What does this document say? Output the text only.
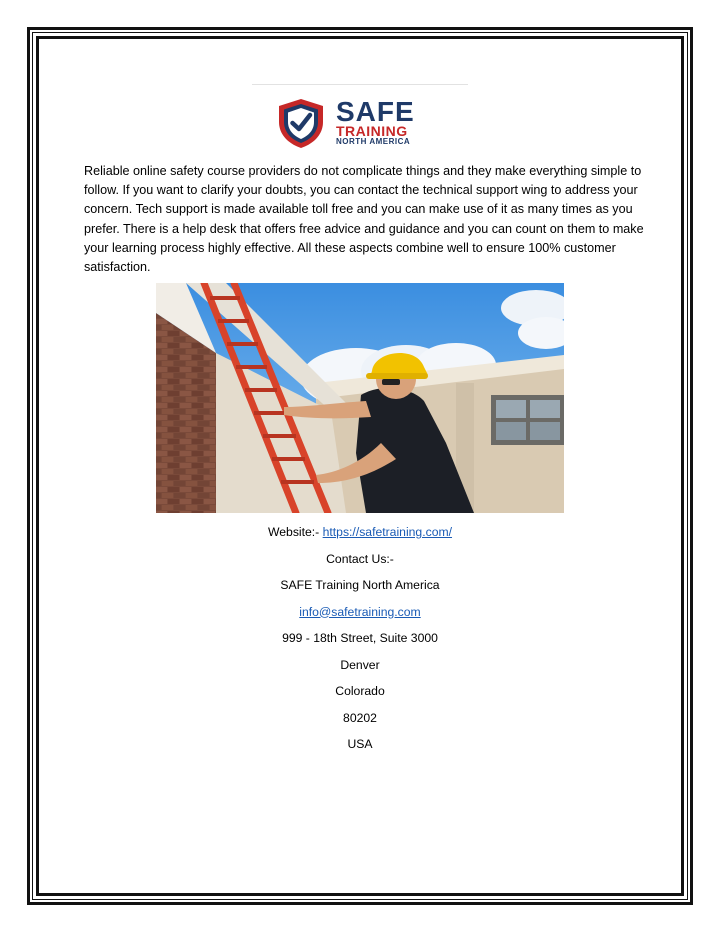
SAFE
TRAINING
NORTH AMERICA
Reliable online safety course providers do not complicate things and they make everything simple to follow. If you want to clarify your doubts, you can contact the technical support wing to address your concern. Tech support is made available toll free and you can make use of it as many times as you prefer. There is a help desk that offers free advice and guidance and you can count on them to make your learning process highly effective. All these aspects combine well to ensure 100% customer satisfaction.
Website:- https://safetraining.com/
Contact Us:-
SAFE Training North America
info@safetraining.com
999 - 18th Street, Suite 3000
Denver
Colorado
80202
USA
